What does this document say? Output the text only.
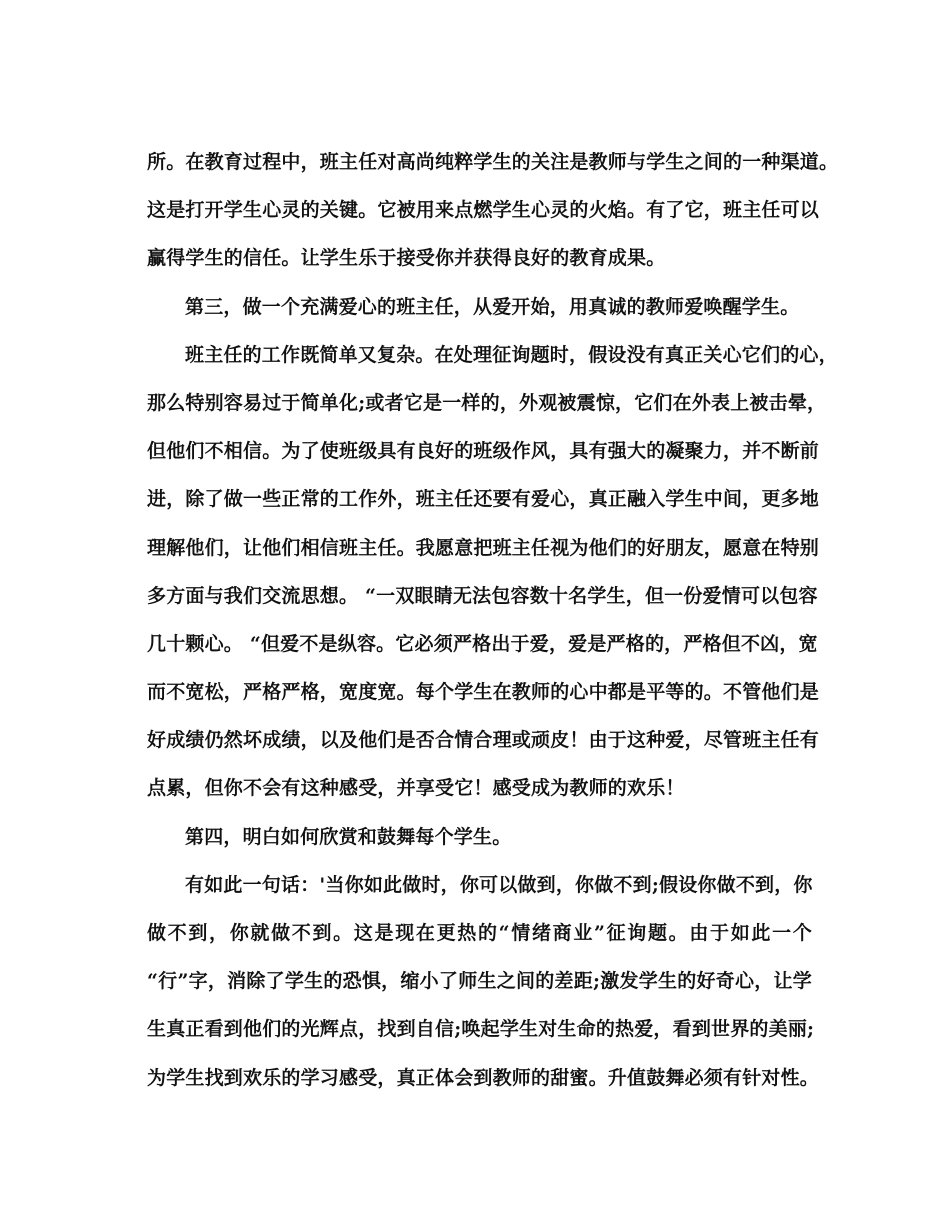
所。在教育过程中，班主任对高尚纯粹学生的关注是教师与学生之间的一种渠道。
这是打开学生心灵的关键。它被用来点燃学生心灵的火焰。有了它，班主任可以
赢得学生的信任。让学生乐于接受你并获得良好的教育成果。
第三，做一个充满爱心的班主任，从爱开始，用真诚的教师爱唤醒学生。
班主任的工作既简单又复杂。在处理征询题时，假设没有真正关心它们的心，
那么特别容易过于简单化;或者它是一样的，外观被震惊，它们在外表上被击晕，
但他们不相信。为了使班级具有良好的班级作风，具有强大的凝聚力，并不断前
进，除了做一些正常的工作外，班主任还要有爱心，真正融入学生中间，更多地
理解他们，让他们相信班主任。我愿意把班主任视为他们的好朋友，愿意在特别
多方面与我们交流思想。 “一双眼睛无法包容数十名学生，但一份爱情可以包容
几十颗心。 “但爱不是纵容。它必须严格出于爱，爱是严格的，严格但不凶，宽
而不宽松，严格严格，宽度宽。每个学生在教师的心中都是平等的。不管他们是
好成绩仍然坏成绩，以及他们是否合情合理或顽皮！由于这种爱，尽管班主任有
点累，但你不会有这种感受，并享受它！感受成为教师的欢乐！
第四，明白如何欣赏和鼓舞每个学生。
有如此一句话：'当你如此做时，你可以做到，你做不到;假设你做不到，你
做不到，你就做不到。这是现在更热的“情绪商业”征询题。由于如此一个
“行”字，消除了学生的恐惧，缩小了师生之间的差距;激发学生的好奇心，让学
生真正看到他们的光辉点，找到自信;唤起学生对生命的热爱，看到世界的美丽;
为学生找到欢乐的学习感受，真正体会到教师的甜蜜。升值鼓舞必须有针对性。
